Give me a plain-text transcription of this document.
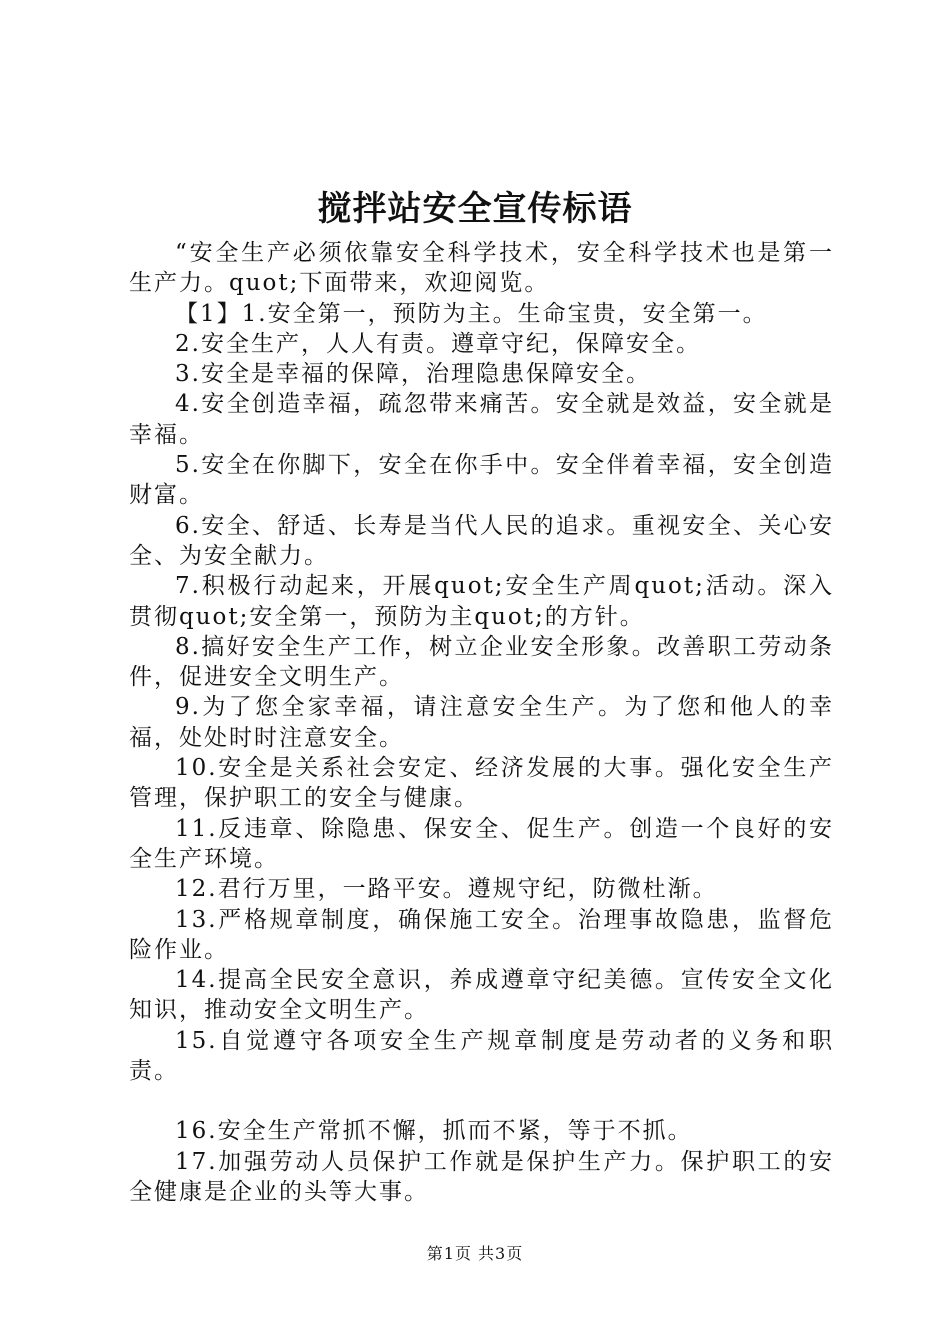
搅拌站安全宣传标语

“安全生产必须依靠安全科学技术，安全科学技术也是第一生产力。quot;下面带来，欢迎阅览。

【1】1.安全第一，预防为主。生命宝贵，安全第一。

2.安全生产，人人有责。遵章守纪，保障安全。

3.安全是幸福的保障，治理隐患保障安全。

4.安全创造幸福，疏忽带来痛苦。安全就是效益，安全就是幸福。

5.安全在你脚下，安全在你手中。安全伴着幸福，安全创造财富。

6.安全、舒适、长寿是当代人民的追求。重视安全、关心安全、为安全献力。

7.积极行动起来，开展quot;安全生产周quot;活动。深入贯彻quot;安全第一，预防为主quot;的方针。

8.搞好安全生产工作，树立企业安全形象。改善职工劳动条件，促进安全文明生产。

9.为了您全家幸福，请注意安全生产。为了您和他人的幸福，处处时时注意安全。

10.安全是关系社会安定、经济发展的大事。强化安全生产管理，保护职工的安全与健康。

11.反违章、除隐患、保安全、促生产。创造一个良好的安全生产环境。

12.君行万里，一路平安。遵规守纪，防微杜渐。

13.严格规章制度，确保施工安全。治理事故隐患，监督危险作业。

14.提高全民安全意识，养成遵章守纪美德。宣传安全文化知识，推动安全文明生产。

15.自觉遵守各项安全生产规章制度是劳动者的义务和职责。

16.安全生产常抓不懈，抓而不紧，等于不抓。

17.加强劳动人员保护工作就是保护生产力。保护职工的安全健康是企业的头等大事。

第1页 共3页
